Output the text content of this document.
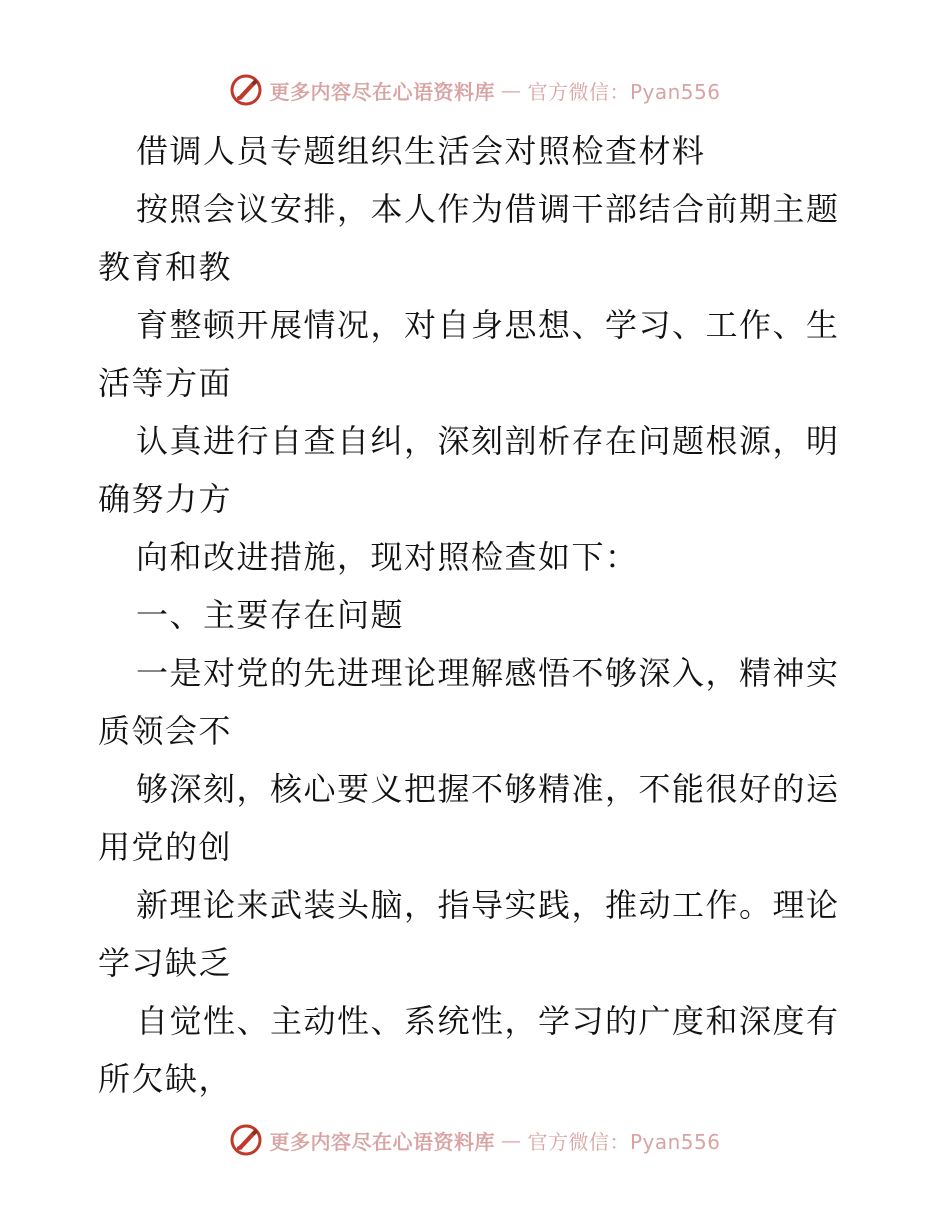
更多内容尽在心语资料库 — 官方微信：Pyan556
借调人员专题组织生活会对照检查材料
按照会议安排，本人作为借调干部结合前期主题
教育和教
育整顿开展情况，对自身思想、学习、工作、生
活等方面
认真进行自查自纠，深刻剖析存在问题根源，明
确努力方
向和改进措施，现对照检查如下：
一、主要存在问题
一是对党的先进理论理解感悟不够深入，精神实
质领会不
够深刻，核心要义把握不够精准，不能很好的运
用党的创
新理论来武装头脑，指导实践，推动工作。理论
学习缺乏
自觉性、主动性、系统性，学习的广度和深度有
所欠缺，
更多内容尽在心语资料库 — 官方微信：Pyan556
